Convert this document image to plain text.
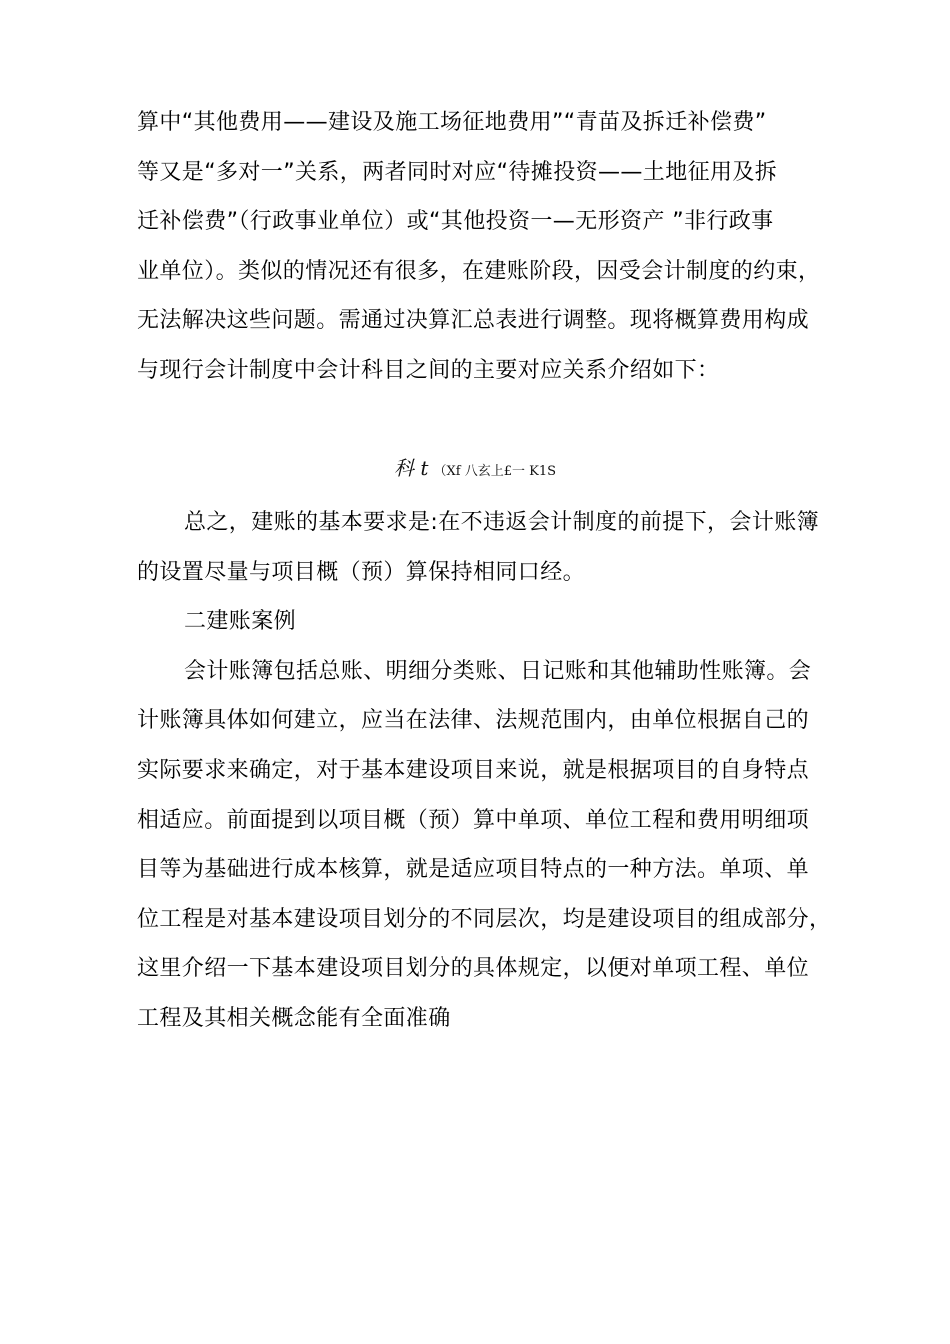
算中“其他费用——建设及施工场征地费用”“青苗及拆迁补偿费”
等又是“多对一”关系，两者同时对应“待摊投资——土地征用及拆
迁补偿费”（行政事业单位）或“其他投资一—无形资产 ”非行政事
业单位）。类似的情况还有很多，在建账阶段，因受会计制度的约束，
无法解决这些问题。需通过决算汇总表进行调整。现将概算费用构成
与现行会计制度中会计科目之间的主要对应关系介绍如下：

科 t （Xf 八玄上£一 K1S

总之，建账的基本要求是:在不违返会计制度的前提下，会计账簿
的设置尽量与项目概（预）算保持相同口经。

二建账案例

会计账簿包括总账、明细分类账、日记账和其他辅助性账簿。会
计账簿具体如何建立，应当在法律、法规范围内，由单位根据自己的
实际要求来确定，对于基本建设项目来说，就是根据项目的自身特点
相适应。前面提到以项目概（预）算中单项、单位工程和费用明细项
目等为基础进行成本核算，就是适应项目特点的一种方法。单项、单
位工程是对基本建设项目划分的不同层次，均是建设项目的组成部分，
这里介绍一下基本建设项目划分的具体规定，以便对单项工程、单位
工程及其相关概念能有全面准确
